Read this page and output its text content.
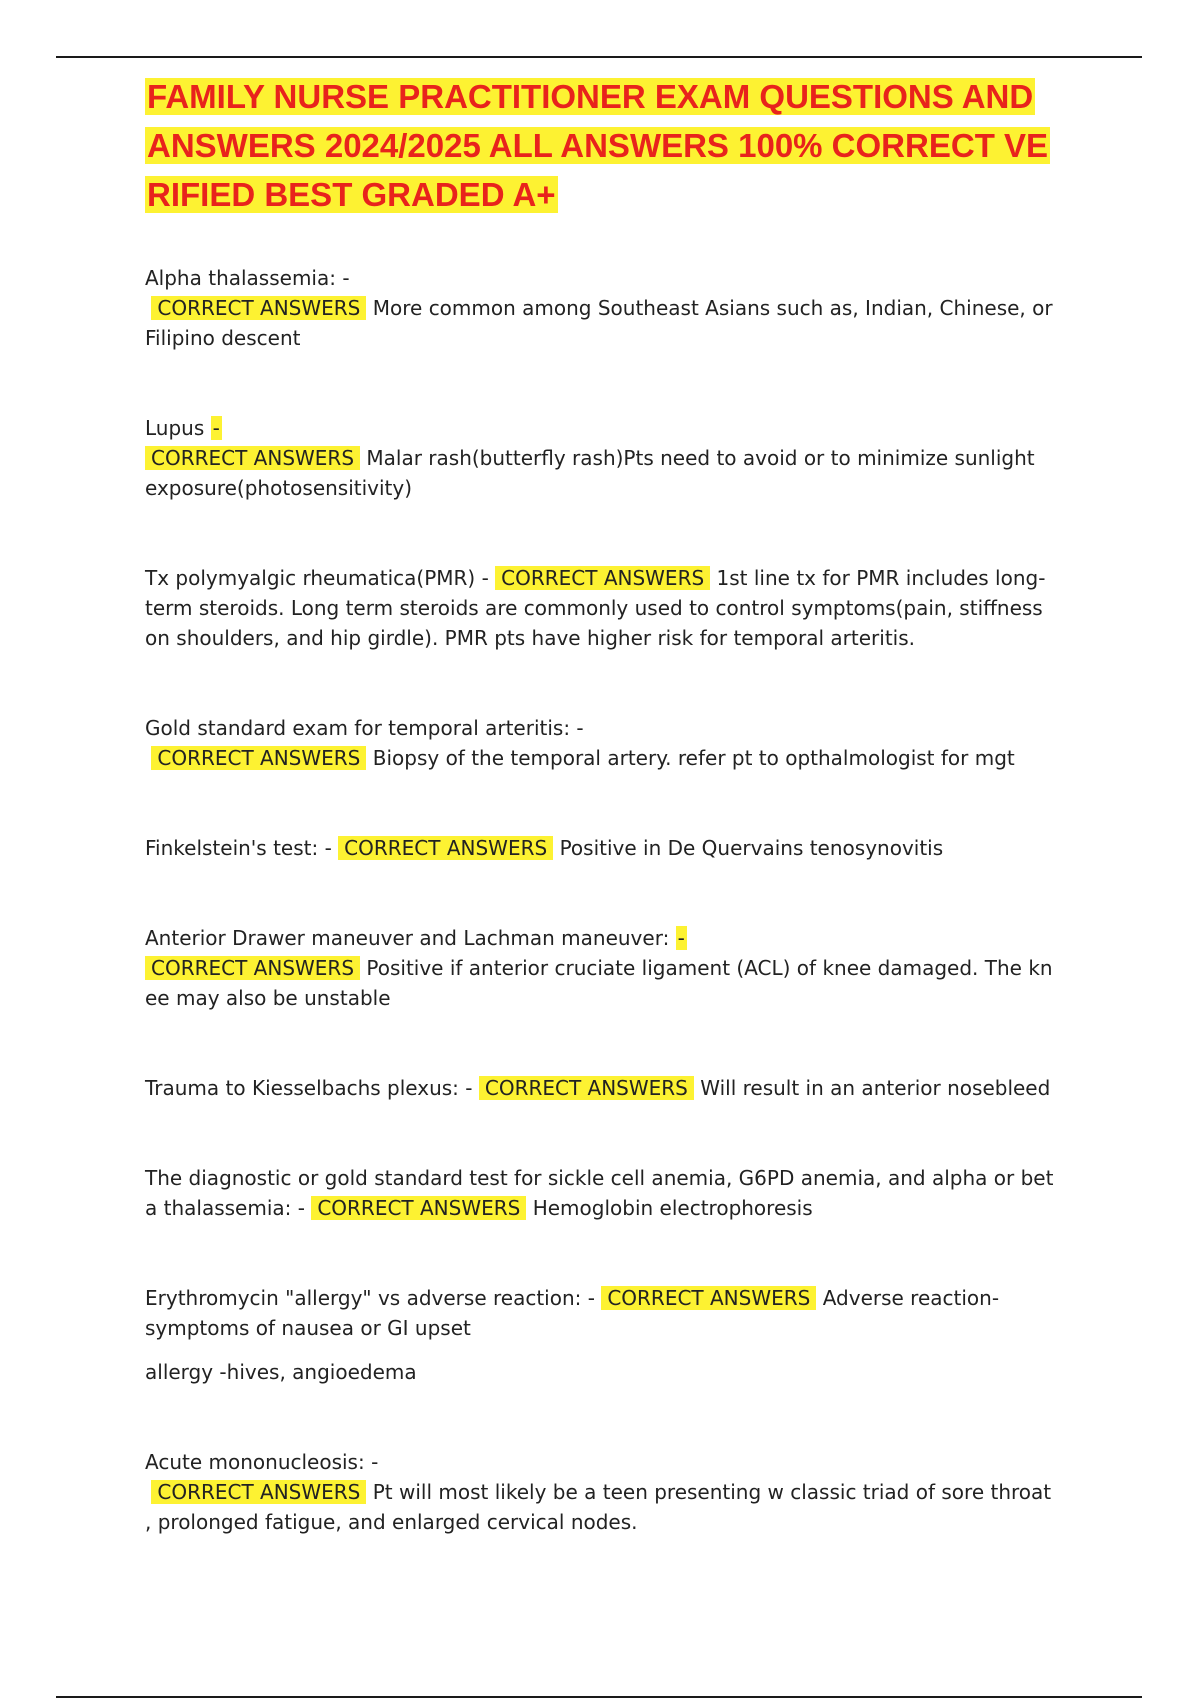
FAMILY NURSE PRACTITIONER EXAM QUESTIONS AND ANSWERS 2024/2025 ALL ANSWERS 100% CORRECT VE RIFIED BEST GRADED A+
Alpha thalassemia: -
CORRECT ANSWERS More common among Southeast Asians such as, Indian, Chinese, or Filipino descent
Lupus -
CORRECT ANSWERS Malar rash(butterfly rash)Pts need to avoid or to minimize sunlight exposure(photosensitivity)
Tx polymyalgic rheumatica(PMR) - CORRECT ANSWERS 1st line tx for PMR includes long-term steroids. Long term steroids are commonly used to control symptoms(pain, stiffness on shoulders, and hip girdle). PMR pts have higher risk for temporal arteritis.
Gold standard exam for temporal arteritis: -
CORRECT ANSWERS Biopsy of the temporal artery. refer pt to opthalmologist for mgt
Finkelstein's test: - CORRECT ANSWERS Positive in De Quervains tenosynovitis
Anterior Drawer maneuver and Lachman maneuver: -
CORRECT ANSWERS Positive if anterior cruciate ligament (ACL) of knee damaged. The kn ee may also be unstable
Trauma to Kiesselbachs plexus: - CORRECT ANSWERS Will result in an anterior nosebleed
The diagnostic or gold standard test for sickle cell anemia, G6PD anemia, and alpha or bet a thalassemia: - CORRECT ANSWERS Hemoglobin electrophoresis
Erythromycin "allergy" vs adverse reaction: - CORRECT ANSWERS Adverse reaction-symptoms of nausea or GI upset
allergy -hives, angioedema
Acute mononucleosis: -
CORRECT ANSWERS Pt will most likely be a teen presenting w classic triad of sore throat , prolonged fatigue, and enlarged cervical nodes.
